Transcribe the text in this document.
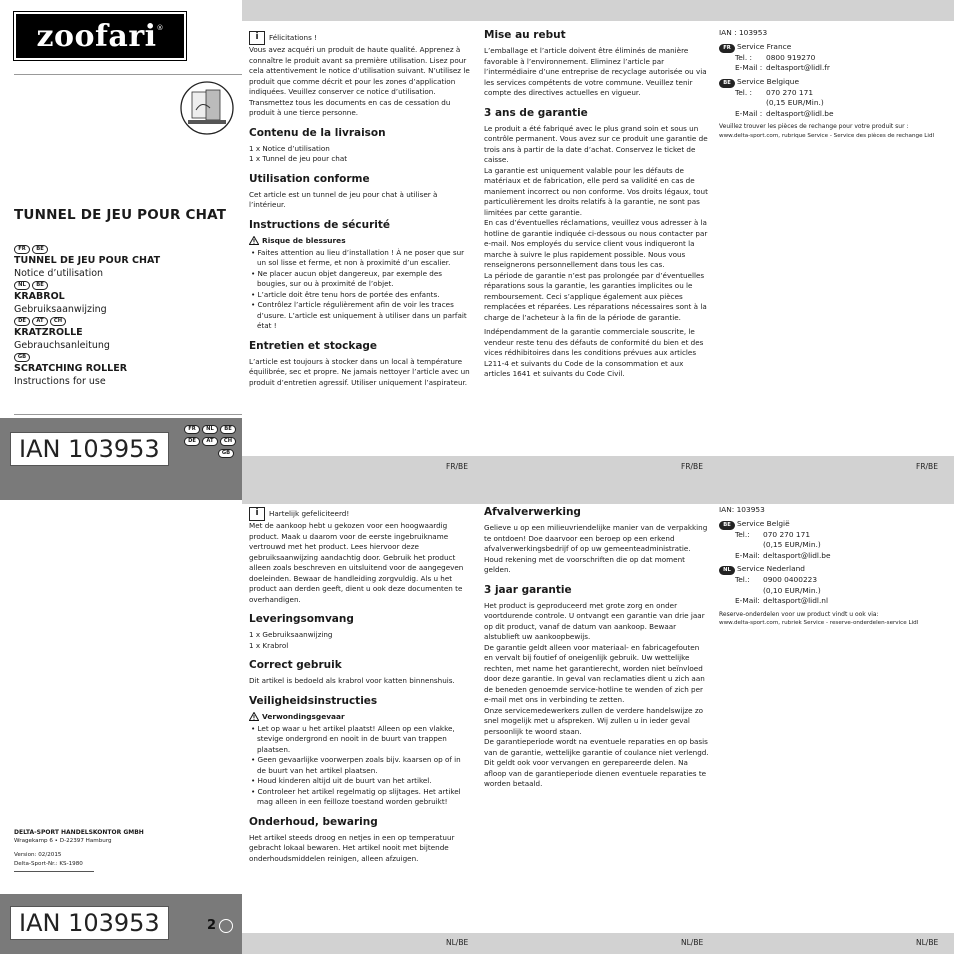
zoofari ®
TUNNEL DE JEU POUR CHAT
FR	BE
TUNNEL DE JEU POUR CHAT
Notice d’utilisation
NL	BE
KRABROL
Gebruiksaanwijzing
DE	AT	CH
KRATZROLLE
Gebrauchsanleitung
GB
SCRATCHING ROLLER
Instructions for use
IAN 103953
FR	NL	BE
DE	AT	CH
GB
DELTA-SPORT HANDELSKONTOR GMBH
Wragekamp 6 • D-22397 Hamburg
Version: 02/2015
Delta-Sport-Nr.: KS-1980
IAN 103953	2
FR/BE	FR/BE	FR/BE
NL/BE	NL/BE	NL/BE
i Félicitations !

Vous avez acquéri un produit de haute qualité. Apprenez à connaître le produit avant sa première utilisation. Lisez pour cela attentivement le notice d’utilisation suivant. N’utilisez le produit que comme décrit et pour les zones d’application indiquées. Veuillez conserver ce notice d’utilisation. Transmettez tous les documents en cas de cessation du produit à une tierce personne.

Contenu de la livraison

1 x Notice d’utilisation

1 x Tunnel de jeu pour chat

Utilisation conforme

Cet article est un tunnel de jeu pour chat à utiliser à l’intérieur.

Instructions de sécurité
Risque de blessures
• Faites attention au lieu d’installation ! À ne poser que sur un sol lisse et ferme, et non à proximité d’un escalier.
• Ne placer aucun objet dangereux, par exemple des bougies, sur ou à proximité de l’objet.
• L’article doit être tenu hors de portée des enfants.
• Contrôlez l’article régulièrement afin de voir les traces d’usure. L’article est uniquement à utiliser dans un parfait état !
Entretien et stockage

L’article est toujours à stocker dans un local à température équilibrée, sec et propre. Ne jamais nettoyer l’article avec un produit d’entretien agressif. Utiliser uniquement l’aspirateur.

Mise au rebut

L’emballage et l’article doivent être éliminés de manière favorable à l’environnement. Eliminez l’article par l’intermédiaire d’une entreprise de recyclage autorisée ou via les services compétents de votre commune. Veuillez tenir compte des directives actuelles en vigueur.

3 ans de garantie

Le produit a été fabriqué avec le plus grand soin et sous un contrôle permanent. Vous avez sur ce produit une garantie de trois ans à partir de la date d’achat. Conservez le ticket de caisse.

La garantie est uniquement valable pour les défauts de matériaux et de fabrication, elle perd sa validité en cas de maniement incorrect ou non conforme. Vos droits légaux, tout particulièrement les droits relatifs à la garantie, ne sont pas limitées par cette garantie.

En cas d’éventuelles réclamations, veuillez vous adresser à la hotline de garantie indiquée ci-dessous ou nous contacter par e-mail. Nos employés du service client vous indiqueront la marche à suivre le plus rapidement possible. Nous vous renseignerons personnellement dans tous les cas.

La période de garantie n’est pas prolongée par d’éventuelles réparations sous la garantie, les garanties implicites ou le remboursement. Ceci s’applique également aux pièces remplacées et réparées. Les réparations nécessaires sont à la charge de l’acheteur à la fin de la période de garantie.

Indépendamment de la garantie commerciale souscrite, le vendeur reste tenu des défauts de conformité du bien et des vices rédhibitoires dans les conditions prévues aux articles L211-4 et suivants du Code de la consommation et aux articles 1641 et suivants du Code Civil.

IAN : 103953
FR Service France
Tel. : 0800 919270
E-Mail : deltasport@lidl.fr
BE Service Belgique
Tel. : 070 270 171
(0,15 EUR/Min.)
E-Mail : deltasport@lidl.be
Veuillez trouver les pièces de rechange pour votre produit sur :
www.delta-sport.com, rubrique Service - Service des pièces de rechange Lidl
i Hartelijk gefeliciteerd!

Met de aankoop hebt u gekozen voor een hoogwaardig product. Maak u daarom voor de eerste ingebruikname vertrouwd met het product. Lees hiervoor deze gebruiksaanwijzing aandachtig door. Gebruik het product alleen zoals beschreven en uitsluitend voor de aangegeven doeleinden. Bewaar de handleiding zorgvuldig. Als u het product aan derden geeft, dient u ook deze documenten te overhandigen.

Leveringsomvang

1 x Gebruiksaanwijzing

1 x Krabrol

Correct gebruik

Dit artikel is bedoeld als krabrol voor katten binnenshuis.

Veiligheidsinstructies
Verwondingsgevaar
• Let op waar u het artikel plaatst! Alleen op een vlakke, stevige ondergrond en nooit in de buurt van trappen plaatsen.
• Geen gevaarlijke voorwerpen zoals bijv. kaarsen op of in de buurt van het artikel plaatsen.
• Houd kinderen altijd uit de buurt van het artikel.
• Controleer het artikel regelmatig op slijtages. Het artikel mag alleen in een feilloze toestand worden gebruikt!
Onderhoud, bewaring

Het artikel steeds droog en netjes in een op temperatuur gebracht lokaal bewaren. Het artikel nooit met bijtende onderhoudsmiddelen reinigen, alleen afzuigen.

Afvalverwerking

Gelieve u op een milieuvriendelijke manier van de verpakking te ontdoen! Doe daarvoor een beroep op een erkend afvalverwerkingsbedrijf of op uw gemeenteadministratie. Houd rekening met de voorschriften die op dat moment gelden.

3 jaar garantie

Het product is geproduceerd met grote zorg en onder voortdurende controle. U ontvangt een garantie van drie jaar op dit product, vanaf de datum van aankoop. Bewaar alstublieft uw aankoopbewijs.

De garantie geldt alleen voor materiaal- en fabricagefouten en vervalt bij foutief of oneigenlijk gebruik. Uw wettelijke rechten, met name het garantierecht, worden niet beïnvloed door deze garantie. In geval van reclamaties dient u zich aan de beneden genoemde service-hotline te wenden of zich per e-mail met ons in verbinding te zetten.

Onze servicemedewerkers zullen de verdere handelswijze zo snel mogelijk met u afspreken. Wij zullen u in ieder geval persoonlijk te woord staan.

De garantieperiode wordt na eventuele reparaties en op basis van de garantie, wettelijke garantie of coulance niet verlengd. Dit geldt ook voor vervangen en gerepareerde delen. Na afloop van de garantieperiode dienen eventuele reparaties te worden betaald.

IAN: 103953
BE Service België
Tel.: 070 270 171
(0,15 EUR/Min.)
E-Mail: deltasport@lidl.be
NL Service Nederland
Tel.: 0900 0400223
(0,10 EUR/Min.)
E-Mail: deltasport@lidl.nl
Reserve-onderdelen voor uw product vindt u ook via:
www.delta-sport.com, rubriek Service - reserve-onderdelen-service Lidl
